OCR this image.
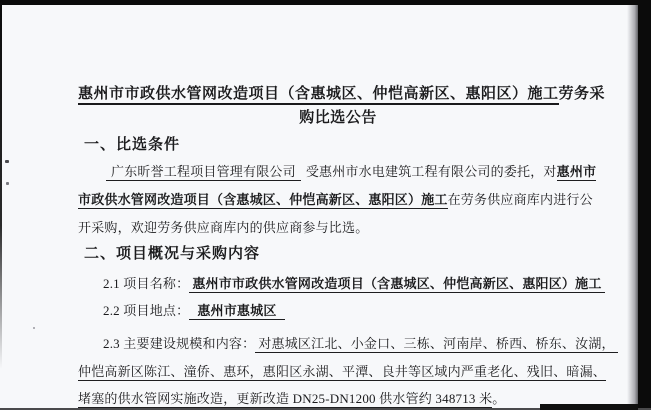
惠州市市政供水管网改造项目（含惠城区、仲恺高新区、惠阳区）施工劳务采
购比选公告
一、比选条件
广东昕誉工程项目管理有限公司 受惠州市水电建筑工程有限公司的委托，对惠州市
市政供水管网改造项目（含惠城区、仲恺高新区、惠阳区）施工在劳务供应商库内进行公
开采购，欢迎劳务供应商库内的供应商参与比选。
二、项目概况与采购内容
2.1 项目名称： 惠州市市政供水管网改造项目（含惠城区、仲恺高新区、惠阳区）施工
2.2 项目地点： 惠州市惠城区
2.3 主要建设规模和内容： 对惠城区江北、小金口、三栋、河南岸、桥西、桥东、汝湖，
仲恺高新区陈江、潼侨、惠环，惠阳区永湖、平潭、良井等区域内严重老化、残旧、暗漏、
堵塞的供水管网实施改造，更新改造 DN25-DN1200 供水管约 348713 米。
